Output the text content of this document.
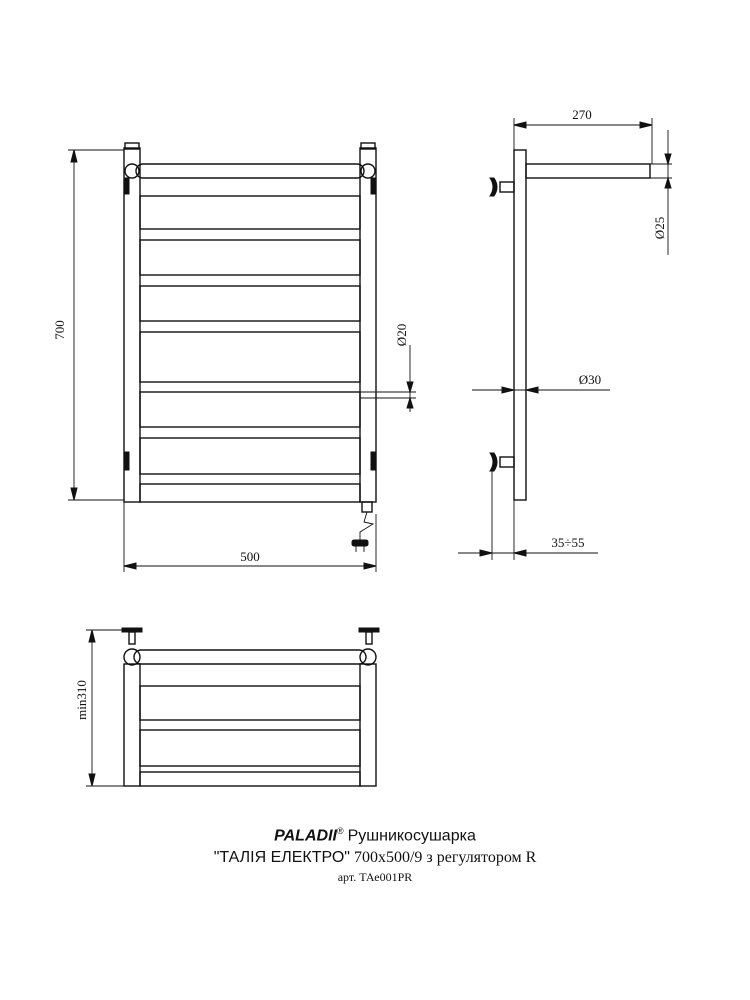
700
500
Ø20
270
Ø25
Ø30
35÷55
min310
PALADII® Рушникосушарка
"ТАЛІЯ ЕЛЕКТРО" 700x500/9 з регулятором R
арт. ТАе001PR
